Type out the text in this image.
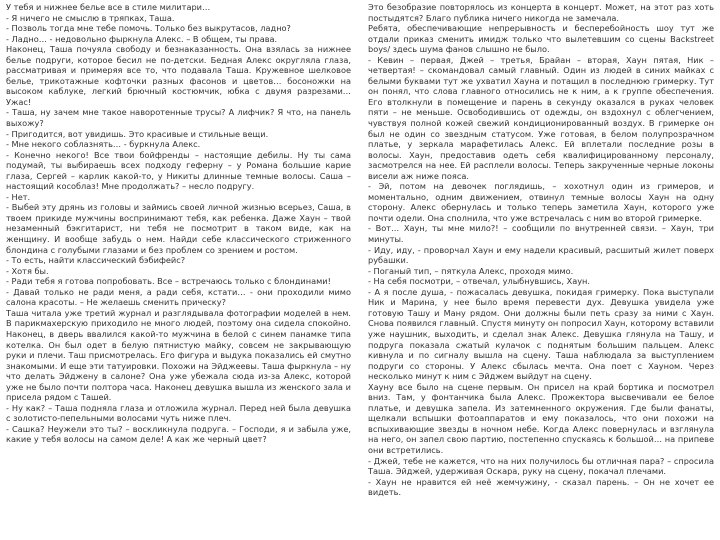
У тебя и нижнее белье все в стиле милитари…

- Я ничего не смыслю в тряпках, Таша.

- Позволь тогда мне тебе помочь. Только без выкрутасов, ладно?

- Ладно… - недовольно фыркнула Алекс. – В общем, ты права.

Наконец, Таша почуяла свободу и безнаказанность. Она взялась за нижнее белье подруги, которое бесил не по-детски. Бедная Алекс округляла глаза, рассматривая и примеряя все то, что подавала Таша. Кружевное шелковое белье, трикотажные кофточки разных фасонов и цветов… босоножки на высоком каблуке, легкий брючный костюмчик, юбка с двумя разрезами… Ужас!

- Таша, ну зачем мне такое наворотенные трусы? А лифчик? Я что, на панель выхожу?

- Пригодится, вот увидишь. Это красивые и стильные вещи.

- Мне некого соблазнять… - буркнула Алекс.

- Конечно некого! Все твои бойфренды – настоящие дебилы. Ну ты сама подумай, ты выбираешь всех подходу геферну – у Романа большие карие глаза, Сергей – карлик какой-то, у Никиты длинные темные волосы. Саша – настоящий кособлаз! Мне продолжать? – несло подругу.

- Нет.

- Выбей эту дрянь из головы и займись своей личной жизнью всерьез, Саша, в твоем прикиде мужчины воспринимают тебя, как ребенка. Даже Хаун – твой незаменный бэкгитарист, ни тебя не посмотрит в таком виде, как на женщину. И вообще забудь о нем. Найди себе классического стриженного блондина с голубыми глазами и без проблем со зрением и ростом.

- То есть, найти классический бэбифейс?

- Хотя бы.

- Ради тебя я готова попробовать. Все – встречаюсь только с блондинами!

- Давай только не ради меня, а ради себя, кстати… - они проходили мимо салона красоты. – Не желаешь сменить прическу?

Таша читала уже третий журнал и разглядывала фотографии моделей в нем. В парикмахерскую приходило не много людей, поэтому она сидела спокойно. Наконец, в дверь ввалился какой-то мужчина в белой с синем панамке типа котелка. Он был одет в белую пятнистую майку, совсем не закрывающую руки и плечи. Таш присмотрелась. Его фигура и выдука показались ей смутно знакомыми. И еще эти татуировки. Похожи на Эйджеевы. Таша фыркнула – ну что делать Эйджену в салоне? Она уже убежала сюда из-за Алекс, которой уже не было почти полтора часа. Наконец девушка вышла из женского зала и присела рядом с Ташей.

- Ну как? – Таша подняла глаза и отложила журнал. Перед ней была девушка с золотисто-пепельными волосами чуть ниже плеч.

- Сашка? Неужели это ты? – воскликнула подруга. – Господи, я и забыла уже, какие у тебя волосы на самом деле! А как же черный цвет?

Это безобразие повторялось из концерта в концерт. Может, на этот раз хоть постыдятся? Благо публика ничего никогда не замечала.

Ребята, обеспечивающие непрерывность и бесперебойность шоу тут же отдали приказ сменить имидж только что вылетевшим со сцены Backstreet boys/ здесь шума фанов слышно не было.

- Кевин – первая, Джей – третья, Брайан – вторая, Хаун пятая, Ник – четвертая! – скомандовал самый главный. Один из людей в синих майках с белыми буквами тут же ухватил Хауна и потащил в последнюю гримерку. Тут он понял, что слова главного относились не к ним, а к группе обеспечения. Его втолкнули в помещение и парень в секунду оказался в руках человек пяти – не меньше. Освободившись от одежды, он вздохнул с облегчением, чувствуя полной кожей свежий кондиционированный воздух. В гримерке он был не один со звездным статусом. Уже готовая, в белом полупрозрачном платье, у зеркала марафетилась Алекс. Ей вплетали последние розы в волосы. Хаун, предоставив одеть себя квалифицированному персоналу, засмотрелся на нее. Ей расплели волосы. Теперь закрученные черные локоны висели аж ниже пояса.

- Эй, потом на девочек поглядишь, – хохотнул один из гримеров, и моментально, одним движением, отвинул темные волосы Хаун на одну сторону. Алекс обернулась и только теперь заметила Хаун, которого уже почти одели. Она сполнила, что уже встречалась с ним во второй гримерке.

- Вот… Хаун, ты мне мило?! – сообщили по внутренней связи. – Хаун, три минуты.

- Иду, иду, - проворчал Хаун и ему надели красивый, расшитый жилет поверх рубашки.

- Поганый тип, – пяткула Алекс, проходя мимо.

- На себя посмотри, – отвечал, улыбнувшись, Хаун.

- А я после душа, - пожасалась девушка, покидая гримерку. Пока выступали Ник и Марина, у нее было время перевести дух. Девушка увидела уже готовую Ташу и Ману рядом. Они должны были петь сразу за ними с Хаун. Снова появился главный. Спустя минуту он попросил Хаун, которому вставили уже наушник, выходить, и сделал знак Алекс. Девушка глянула на Ташу, и подруга показала сжатый кулачок с поднятым большим пальцем. Алекс кивнула и по сигналу вышла на сцену. Таша наблюдала за выступлением подруги со стороны. У Алекс сбылась мечта. Она поет с Хауном. Через несколько минут к ним с Эйджем выйдут на сцену.

Хауну все было на сцене первым. Он присел на край бортика и посмотрел вниз. Там, у фонтанчика была Алекс. Прожектора высвечивали ее белое платье, и девушка запела. Из затемненного окружения. Где были фанаты, щелкали вспышки фотоаппаратов и ему показалось, что они похожи на вспыхивающие звезды в ночном небе. Когда Алекс повернулась и взглянула на него, он запел свою партию, постепенно спускаясь к большой… на припеве они встретились.

- Джей, тебе не кажется, что на них получилось бы отличная пара? – спросила Таша. Эйджей, удерживая Оскара, руку на сцену, покачал плечами.

- Хаун не нравится ей неё жемчужину, - сказал парень. – Он не хочет ее видеть.
